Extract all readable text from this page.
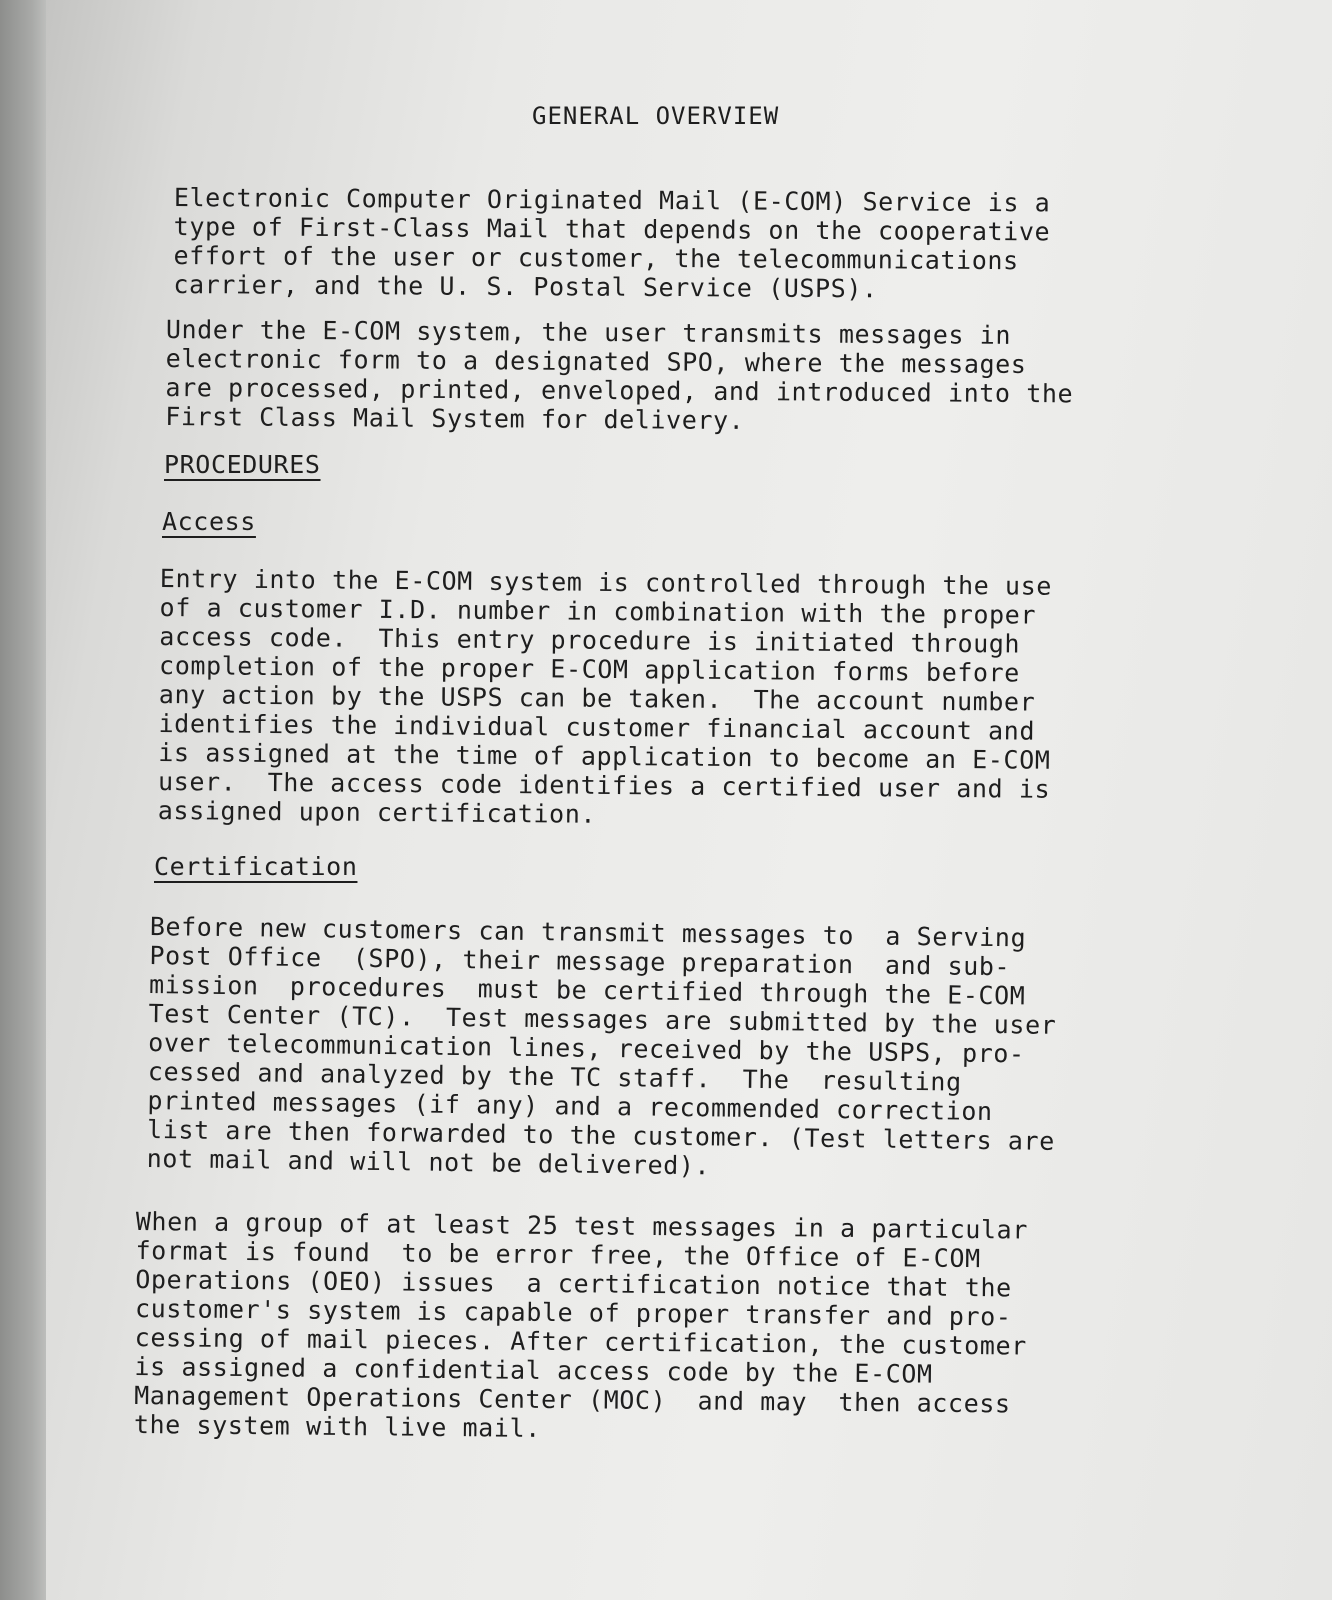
GENERAL OVERVIEW

Electronic Computer Originated Mail (E-COM) Service is a
type of First-Class Mail that depends on the cooperative
effort of the user or customer, the telecommunications
carrier, and the U. S. Postal Service (USPS).

Under the E-COM system, the user transmits messages in
electronic form to a designated SPO, where the messages
are processed, printed, enveloped, and introduced into the
First Class Mail System for delivery.

PROCEDURES
Access

Entry into the E-COM system is controlled through the use
of a customer I.D. number in combination with the proper
access code.  This entry procedure is initiated through
completion of the proper E-COM application forms before
any action by the USPS can be taken.  The account number
identifies the individual customer financial account and
is assigned at the time of application to become an E-COM
user.  The access code identifies a certified user and is
assigned upon certification.

Certification

Before new customers can transmit messages to  a Serving
Post Office  (SPO), their message preparation  and sub-
mission  procedures  must be certified through the E-COM
Test Center (TC).  Test messages are submitted by the user
over telecommunication lines, received by the USPS, pro-
cessed and analyzed by the TC staff.  The  resulting
printed messages (if any) and a recommended correction
list are then forwarded to the customer. (Test letters are
not mail and will not be delivered).

When a group of at least 25 test messages in a particular
format is found  to be error free, the Office of E-COM
Operations (OEO) issues  a certification notice that the
customer's system is capable of proper transfer and pro-
cessing of mail pieces. After certification, the customer
is assigned a confidential access code by the E-COM
Management Operations Center (MOC)  and may  then access
the system with live mail.
